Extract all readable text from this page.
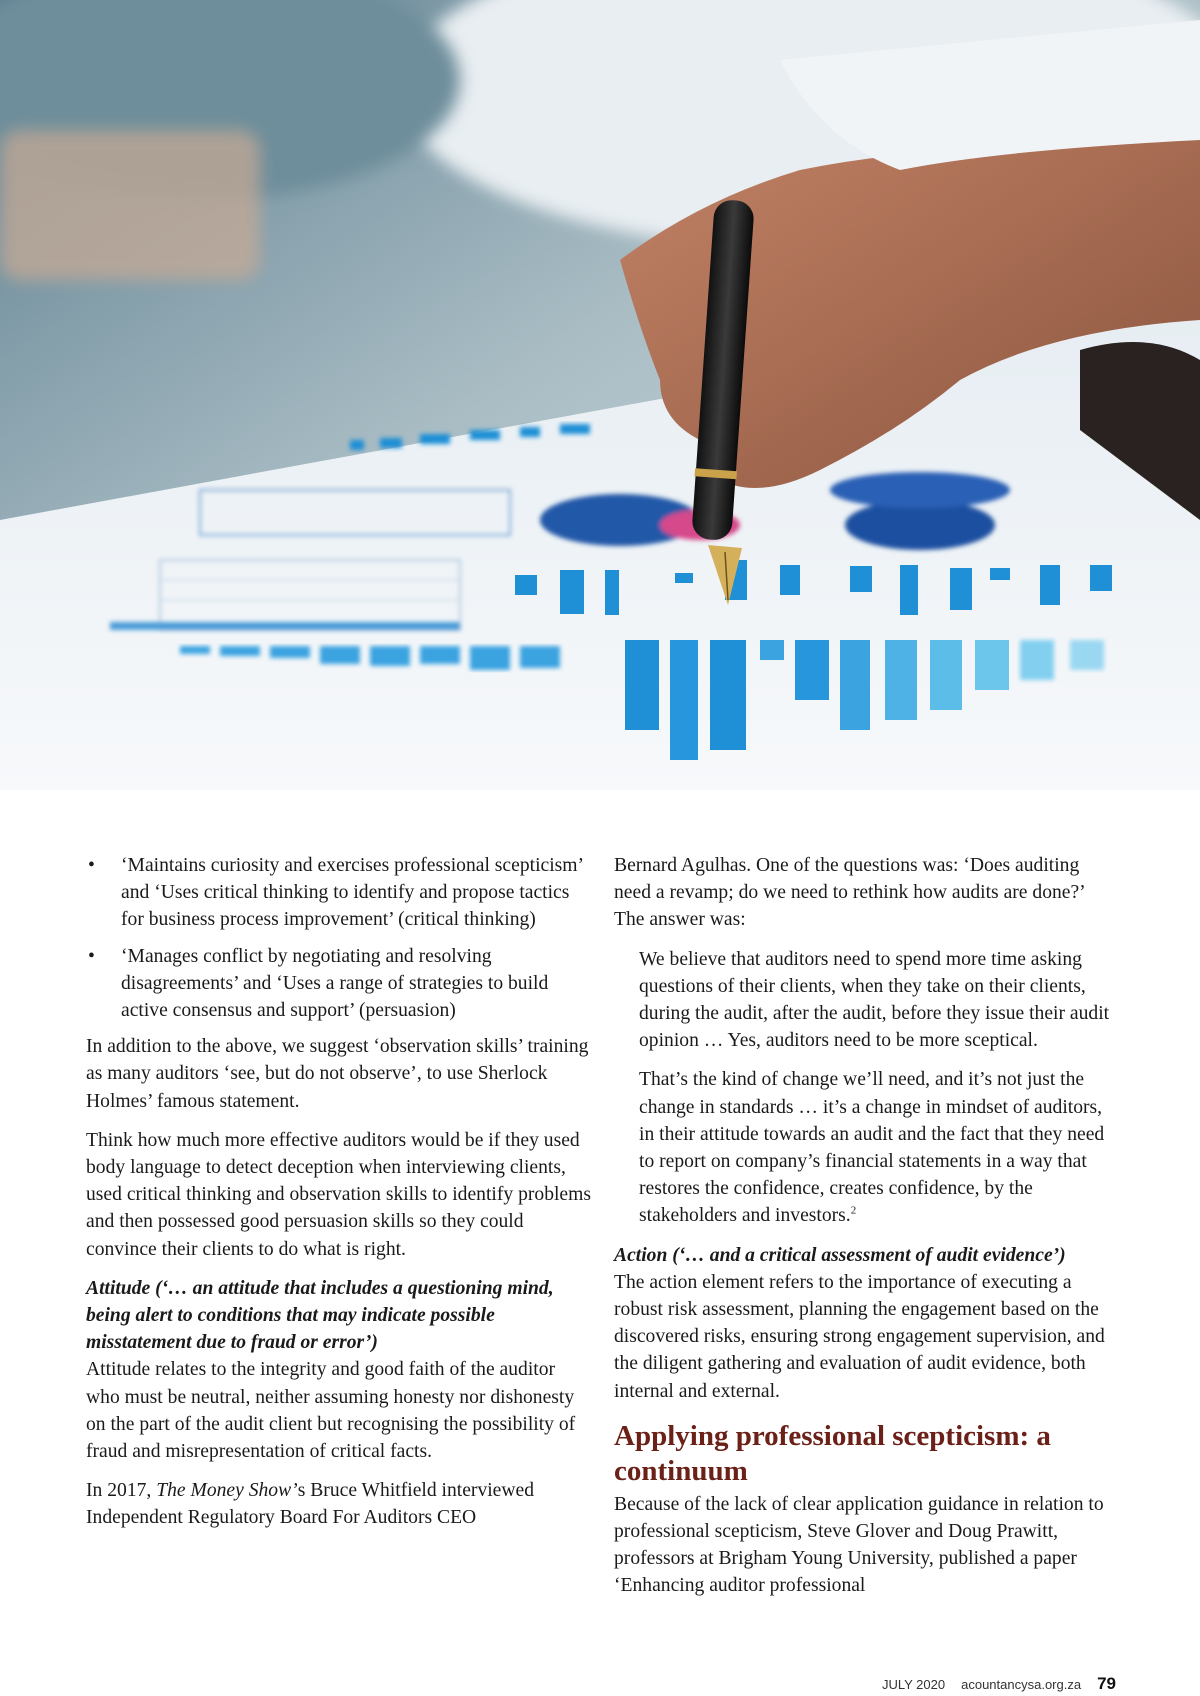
• ‘Maintains curiosity and exercises professional scepticism’ and ‘Uses critical thinking to identify and propose tactics for business process improvement’ (critical thinking)
• ‘Manages conflict by negotiating and resolving disagreements’ and ‘Uses a range of strategies to build active consensus and support’ (persuasion)

In addition to the above, we suggest ‘observation skills’ training as many auditors ‘see, but do not observe’, to use Sherlock Holmes’ famous statement.

Think how much more effective auditors would be if they used body language to detect deception when interviewing clients, used critical thinking and observation skills to identify problems and then possessed good persuasion skills so they could convince their clients to do what is right.

Attitude (‘… an attitude that includes a questioning mind, being alert to conditions that may indicate possible misstatement due to fraud or error’)

Attitude relates to the integrity and good faith of the auditor who must be neutral, neither assuming honesty nor dishonesty on the part of the audit client but recognising the possibility of fraud and misrepresentation of critical facts.

In 2017, The Money Show’s Bruce Whitfield interviewed Independent Regulatory Board For Auditors CEO

Bernard Agulhas. One of the questions was: ‘Does auditing need a revamp; do we need to rethink how audits are done?’ The answer was:

We believe that auditors need to spend more time asking questions of their clients, when they take on their clients, during the audit, after the audit, before they issue their audit opinion … Yes, auditors need to be more sceptical.

That’s the kind of change we’ll need, and it’s not just the change in standards … it’s a change in mindset of auditors, in their attitude towards an audit and the fact that they need to report on company’s financial statements in a way that restores the confidence, creates confidence, by the stakeholders and investors.$^2$

Action (‘… and a critical assessment of audit evidence’)

The action element refers to the importance of executing a robust risk assessment, planning the engagement based on the discovered risks, ensuring strong engagement supervision, and the diligent gathering and evaluation of audit evidence, both internal and external.

Applying professional scepticism: a continuum

Because of the lack of clear application guidance in relation to professional scepticism, Steve Glover and Doug Prawitt, professors at Brigham Young University, published a paper ‘Enhancing auditor professional

JULY 2020 acountancysa.org.za 79
